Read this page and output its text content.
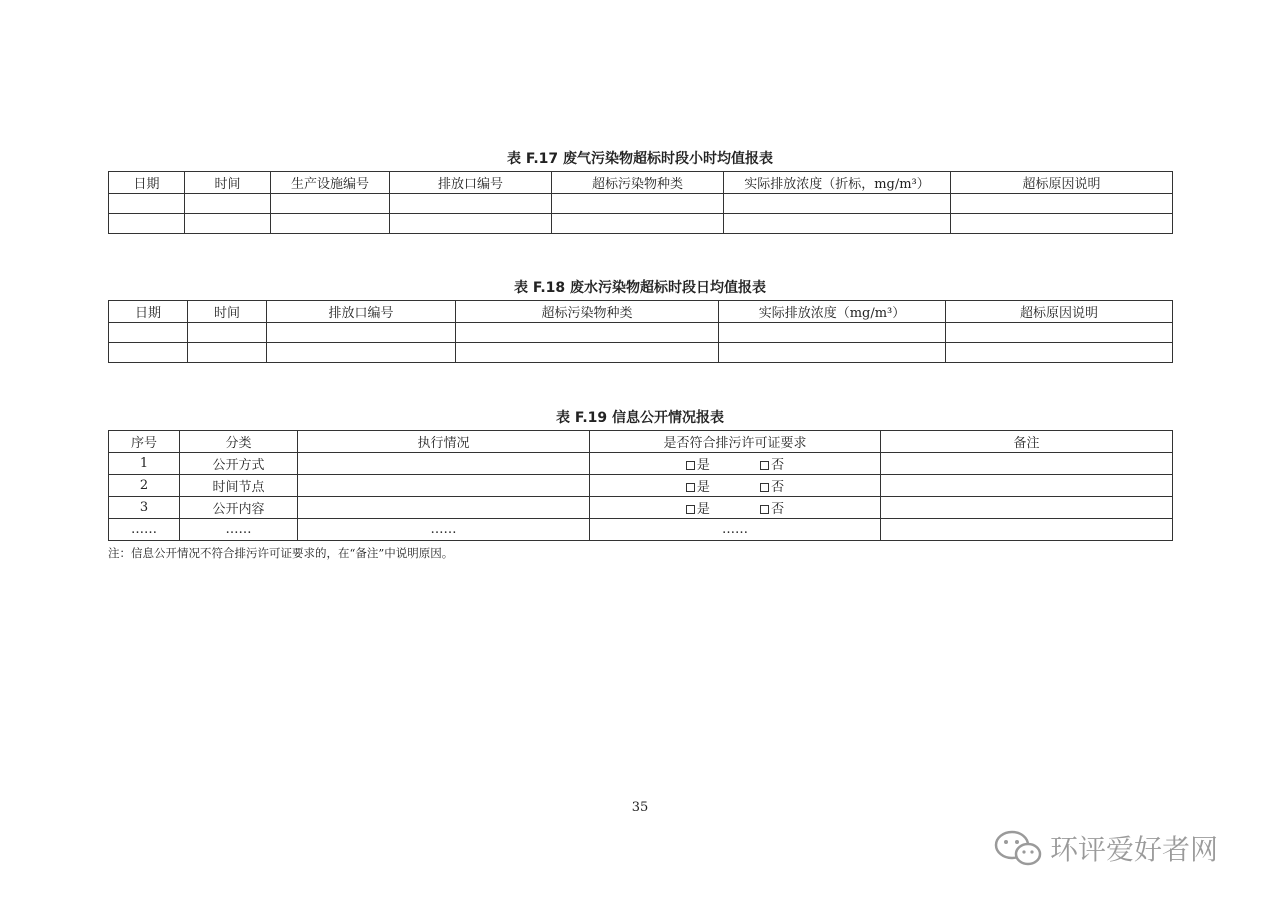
表 F.17 废气污染物超标时段小时均值报表
日期	时间	生产设施编号	排放口编号	超标污染物种类	实际排放浓度（折标，mg/m³）	超标原因说明

表 F.18 废水污染物超标时段日均值报表
日期	时间	排放口编号	超标污染物种类	实际排放浓度（mg/m³）	超标原因说明

表 F.19 信息公开情况报表
序号	分类	执行情况	是否符合排污许可证要求	备注
1	公开方式		是 否	
2	时间节点		是 否	
3	公开内容		是 否	
……	……	……	……	
注：信息公开情况不符合排污许可证要求的，在“备注”中说明原因。
35
环评爱好者网
